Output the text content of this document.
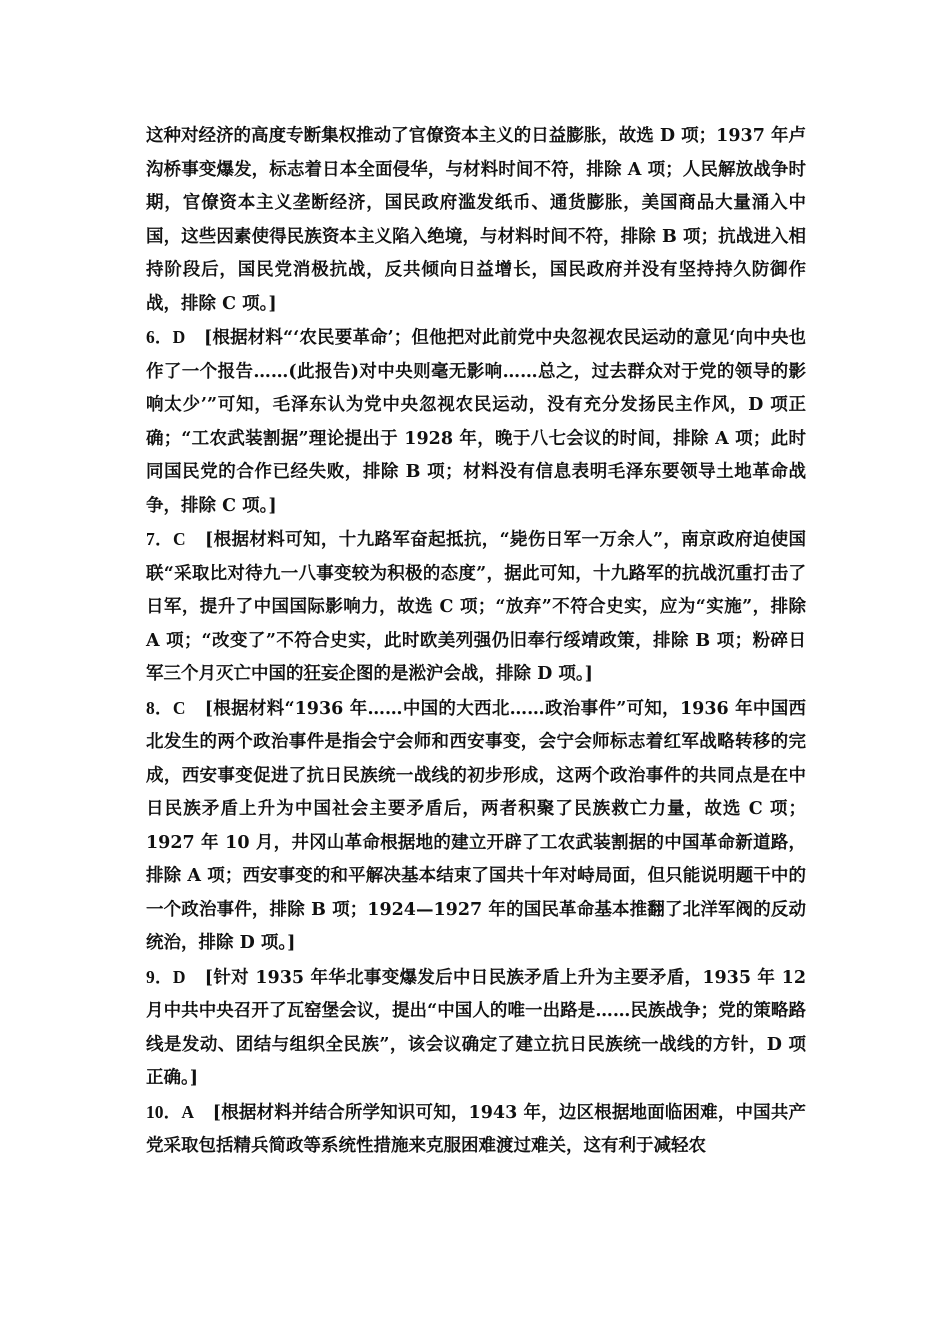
这种对经济的高度专断集权推动了官僚资本主义的日益膨胀，故选 D 项；1937 年卢沟桥事变爆发，标志着日本全面侵华，与材料时间不符，排除 A 项；人民解放战争时期，官僚资本主义垄断经济，国民政府滥发纸币、通货膨胀，美国商品大量涌入中国，这些因素使得民族资本主义陷入绝境，与材料时间不符，排除 B 项；抗战进入相持阶段后，国民党消极抗战，反共倾向日益增长，国民政府并没有坚持持久防御作战，排除 C 项。]

6．D [根据材料“‘农民要革命’；但他把对此前党中央忽视农民运动的意见‘向中央也作了一个报告……(此报告)对中央则毫无影响……总之，过去群众对于党的领导的影响太少’”可知，毛泽东认为党中央忽视农民运动，没有充分发扬民主作风，D 项正确；“工农武装割据”理论提出于 1928 年，晚于八七会议的时间，排除 A 项；此时同国民党的合作已经失败，排除 B 项；材料没有信息表明毛泽东要领导土地革命战争，排除 C 项。]

7．C [根据材料可知，十九路军奋起抵抗，“毙伤日军一万余人”，南京政府迫使国联“采取比对待九一八事变较为积极的态度”，据此可知，十九路军的抗战沉重打击了日军，提升了中国国际影响力，故选 C 项；“放弃”不符合史实，应为“实施”，排除 A 项；“改变了”不符合史实，此时欧美列强仍旧奉行绥靖政策，排除 B 项；粉碎日军三个月灭亡中国的狂妄企图的是淞沪会战，排除 D 项。]

8．C [根据材料“1936 年……中国的大西北……政治事件”可知，1936 年中国西北发生的两个政治事件是指会宁会师和西安事变，会宁会师标志着红军战略转移的完成，西安事变促进了抗日民族统一战线的初步形成，这两个政治事件的共同点是在中日民族矛盾上升为中国社会主要矛盾后，两者积聚了民族救亡力量，故选 C 项；1927 年 10 月，井冈山革命根据地的建立开辟了工农武装割据的中国革命新道路，排除 A 项；西安事变的和平解决基本结束了国共十年对峙局面，但只能说明题干中的一个政治事件，排除 B 项；1924—1927 年的国民革命基本推翻了北洋军阀的反动统治，排除 D 项。]

9．D [针对 1935 年华北事变爆发后中日民族矛盾上升为主要矛盾，1935 年 12 月中共中央召开了瓦窑堡会议，提出“中国人的唯一出路是……民族战争；党的策略路线是发动、团结与组织全民族”，该会议确定了建立抗日民族统一战线的方针，D 项正确。]

10．A [根据材料并结合所学知识可知，1943 年，边区根据地面临困难，中国共产党采取包括精兵简政等系统性措施来克服困难渡过难关，这有利于减轻农
